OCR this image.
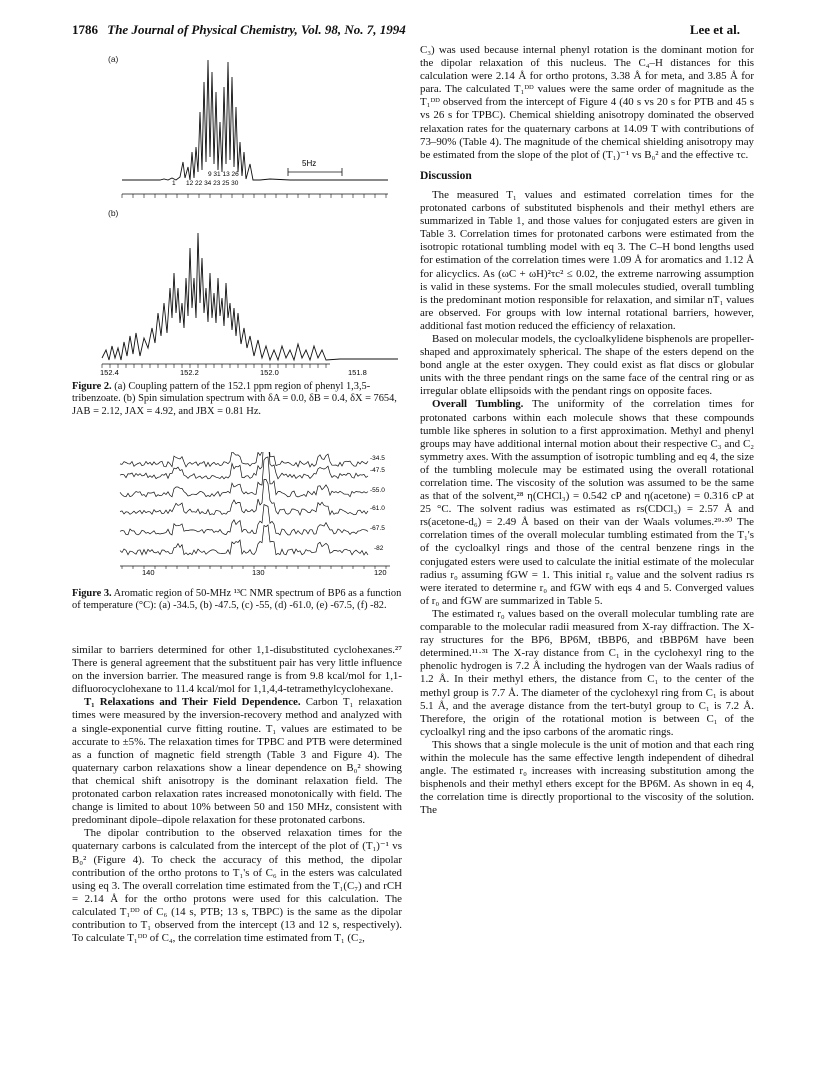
1786 The Journal of Physical Chemistry, Vol. 98, No. 7, 1994	Lee et al.
5Hz
9 31 13 26
12 22 34 23 25 30
1
(a)
(b)
152.4	152.2	152.0	151.8
Figure 2. (a) Coupling pattern of the 152.1 ppm region of phenyl 1,3,5-tribenzoate. (b) Spin simulation spectrum with δA = 0.0, δB = 0.4, δX = 7654, JAB = 2.12, JAX = 4.92, and JBX = 0.81 Hz.
140	130	120
-34.5
-47.5
-55.0
-61.0
-67.5
-82
Figure 3. Aromatic region of 50-MHz ¹³C NMR spectrum of BP6 as a function of temperature (°C): (a) -34.5, (b) -47.5, (c) -55, (d) -61.0, (e) -67.5, (f) -82.

similar to barriers determined for other 1,1-disubstituted cyclohexanes.²⁷ There is general agreement that the substituent pair has very little influence on the inversion barrier. The measured range is from 9.8 kcal/mol for 1,1-difluorocyclohexane to 11.4 kcal/mol for 1,1,4,4-tetramethylcyclohexane.

T₁ Relaxations and Their Field Dependence. Carbon T₁ relaxation times were measured by the inversion-recovery method and analyzed with a single-exponential curve fitting routine. T₁ values are estimated to be accurate to ±5%. The relaxation times for TPBC and PTB were determined as a function of magnetic field strength (Table 3 and Figure 4). The quaternary carbon relaxations show a linear dependence on B₀² showing that chemical shift anisotropy is the dominant relaxation field. The protonated carbon relaxation rates increased monotonically with field. The change is limited to about 10% between 50 and 150 MHz, consistent with predominant dipole–dipole relaxation for these protonated carbons.

The dipolar contribution to the observed relaxation times for the quaternary carbons is calculated from the intercept of the plot of (T₁)⁻¹ vs B₀² (Figure 4). To check the accuracy of this method, the dipolar contribution of the ortho protons to T₁'s of C₆ in the esters was calculated using eq 3. The overall correlation time estimated from the T₁(C₇) and rCH = 2.14 Å for the ortho protons were used for this calculation. The calculated T₁ᴰᴰ of C₆ (14 s, PTB; 13 s, TBPC) is the same as the dipolar contribution to T₁ observed from the intercept (13 and 12 s, respectively). To calculate T₁ᴰᴰ of C₄, the correlation time estimated from T₁ (C₂,

C₃) was used because internal phenyl rotation is the dominant motion for the dipolar relaxation of this nucleus. The C₄–H distances for this calculation were 2.14 Å for ortho protons, 3.38 Å for meta, and 3.85 Å for para. The calculated T₁ᴰᴰ values were the same order of magnitude as the T₁ᴰᴰ observed from the intercept of Figure 4 (40 s vs 20 s for PTB and 45 s vs 26 s for TPBC). Chemical shielding anisotropy dominated the observed relaxation rates for the quaternary carbons at 14.09 T with contributions of 73–90% (Table 4). The magnitude of the chemical shielding anisotropy may be estimated from the slope of the plot of (T₁)⁻¹ vs B₀² and the effective τc.

Discussion

The measured T₁ values and estimated correlation times for the protonated carbons of substituted bisphenols and their methyl ethers are summarized in Table 1, and those values for conjugated esters are given in Table 3. Correlation times for protonated carbons were estimated from the isotropic rotational tumbling model with eq 3. The C–H bond lengths used for estimation of the correlation times were 1.09 Å for aromatics and 1.12 Å for alicyclics. As (ωC + ωH)²τc² ≤ 0.02, the extreme narrowing assumption is valid in these systems. For the small molecules studied, overall tumbling is the predominant motion responsible for relaxation, and similar nT₁ values are observed. For groups with low internal rotational barriers, however, additional fast motion reduced the efficiency of relaxation.

Based on molecular models, the cycloalkylidene bisphenols are propeller-shaped and approximately spherical. The shape of the esters depend on the bond angle at the ester oxygen. They could exist as flat discs or globular units with the three pendant rings on the same face of the central ring or as irregular oblate ellipsoids with the pendant rings on opposite faces.

Overall Tumbling. The uniformity of the correlation times for protonated carbons within each molecule shows that these compounds tumble like spheres in solution to a first approximation. Methyl and phenyl groups may have additional internal motion about their respective C₃ and C₂ symmetry axes. With the assumption of isotropic tumbling and eq 4, the size of the tumbling molecule may be estimated using the overall rotational correlation time. The viscosity of the solution was assumed to be the same as that of the solvent,²⁸ η(CHCl₃) = 0.542 cP and η(acetone) = 0.316 cP at 25 °C. The solvent radius was estimated as rs(CDCl₃) = 2.57 Å and rs(acetone-d₆) = 2.49 Å based on their van der Waals volumes.²⁹·³⁰ The correlation times of the overall molecular tumbling estimated from the T₁'s of the cycloalkyl rings and those of the central benzene rings in the conjugated esters were used to calculate the initial estimate of the molecular radius r₀ assuming fGW = 1. This initial r₀ value and the solvent radius rs were iterated to determine r₀ and fGW with eqs 4 and 5. Converged values of r₀ and fGW are summarized in Table 5.

The estimated r₀ values based on the overall molecular tumbling rate are comparable to the molecular radii measured from X-ray diffraction. The X-ray structures for the BP6, BP6M, tBBP6, and tBBP6M have been determined.¹¹·³¹ The X-ray distance from C₁ in the cyclohexyl ring to the phenolic hydrogen is 7.2 Å including the hydrogen van der Waals radius of 1.2 Å. In their methyl ethers, the distance from C₁ to the center of the methyl group is 7.7 Å. The diameter of the cyclohexyl ring from C₁ is about 5.1 Å, and the average distance from the tert-butyl group to C₁ is 7.2 Å. Therefore, the origin of the rotational motion is between C₁ of the cycloalkyl ring and the ipso carbons of the aromatic rings.

This shows that a single molecule is the unit of motion and that each ring within the molecule has the same effective length independent of dihedral angle. The estimated r₀ increases with increasing substitution among the bisphenols and their methyl ethers except for the BP6M. As shown in eq 4, the correlation time is directly proportional to the viscosity of the solution. The
